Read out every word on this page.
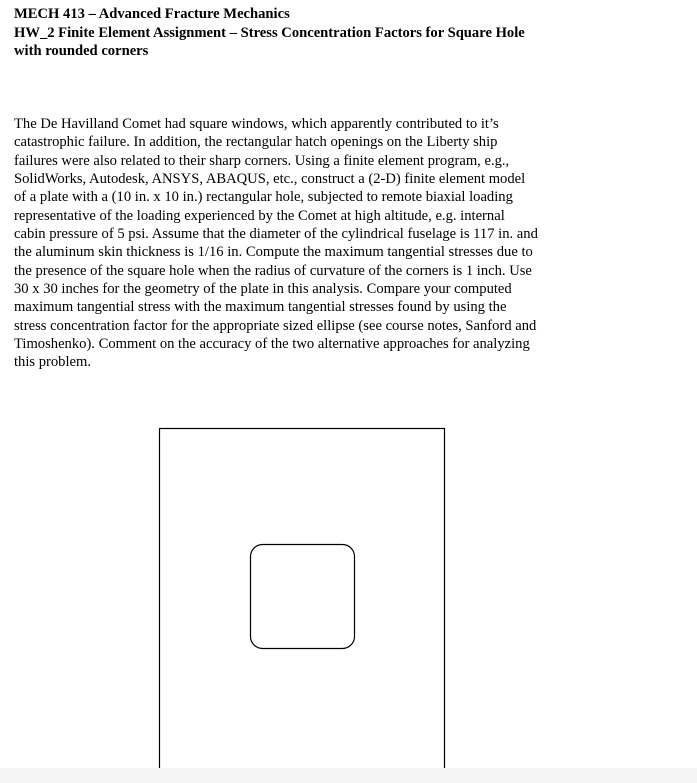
MECH 413 – Advanced Fracture Mechanics
HW_2 Finite Element Assignment – Stress Concentration Factors for Square Hole
with rounded corners
The De Havilland Comet had square windows, which apparently contributed to it’s
catastrophic failure. In addition, the rectangular hatch openings on the Liberty ship
failures were also related to their sharp corners. Using a finite element program, e.g.,
SolidWorks, Autodesk, ANSYS, ABAQUS, etc., construct a (2-D) finite element model
of a plate with a (10 in. x 10 in.) rectangular hole, subjected to remote biaxial loading
representative of the loading experienced by the Comet at high altitude, e.g. internal
cabin pressure of 5 psi. Assume that the diameter of the cylindrical fuselage is 117 in. and
the aluminum skin thickness is 1/16 in. Compute the maximum tangential stresses due to
the presence of the square hole when the radius of curvature of the corners is 1 inch. Use
30 x 30 inches for the geometry of the plate in this analysis. Compare your computed
maximum tangential stress with the maximum tangential stresses found by using the
stress concentration factor for the appropriate sized ellipse (see course notes, Sanford and
Timoshenko). Comment on the accuracy of the two alternative approaches for analyzing
this problem.
